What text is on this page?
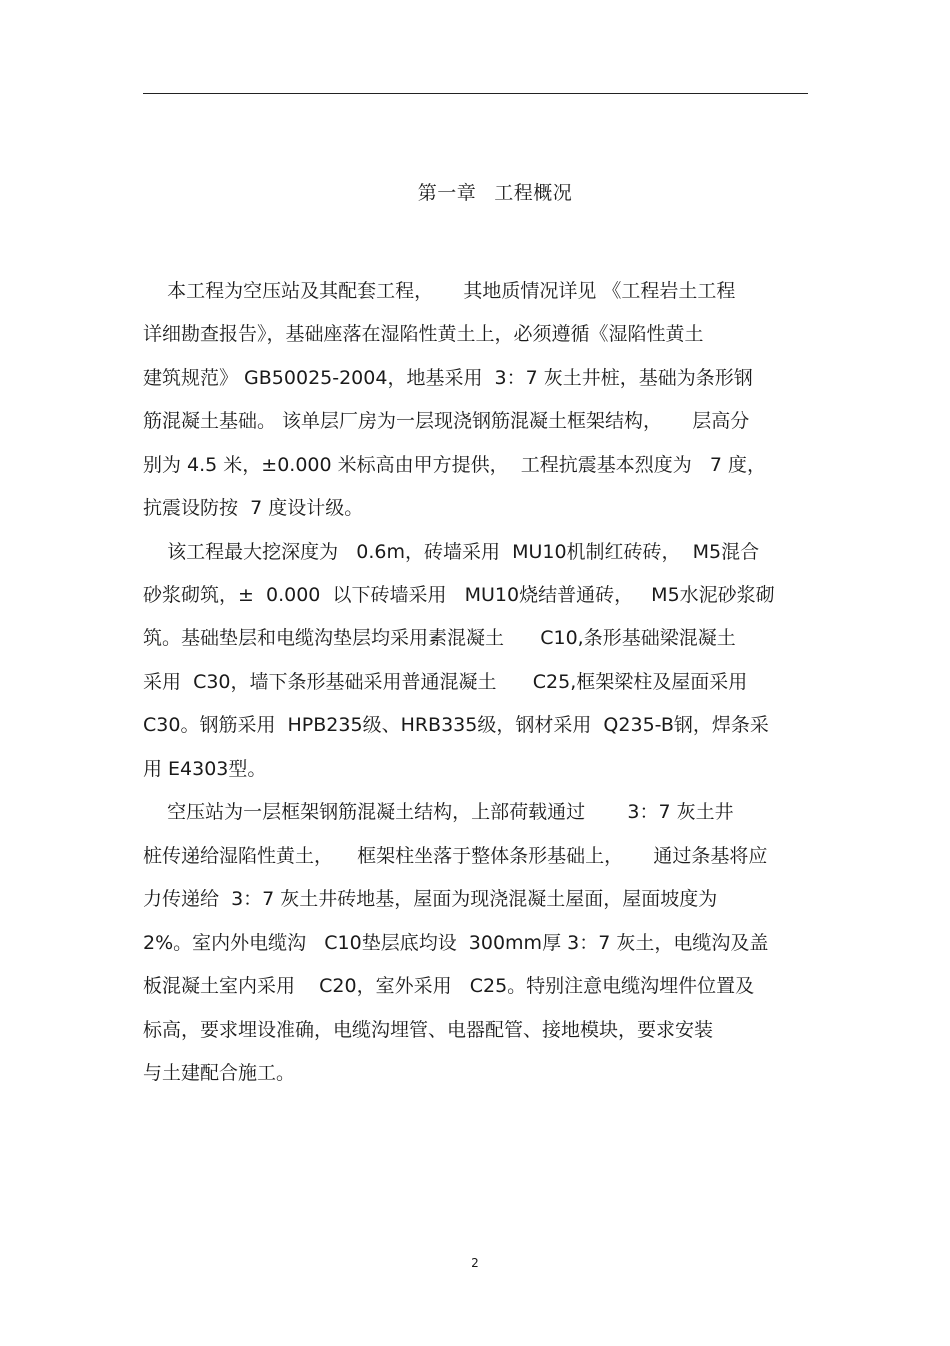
第一章 工程概况
本工程为空压站及其配套工程，     其地质情况详见 《工程岩土工程
详细勘查报告》，基础座落在湿陷性黄土上，必须遵循《湿陷性黄土
建筑规范》 GB50025-2004，地基采用  3：7 灰土井桩，基础为条形钢
筋混凝土基础。 该单层厂房为一层现浇钢筋混凝土框架结构，     层高分
别为 4.5 米，±0.000 米标高由甲方提供，  工程抗震基本烈度为   7 度，
抗震设防按  7 度设计级。
该工程最大挖深度为   0.6m，砖墙采用  MU10机制红砖砖，  M5混合
砂浆砌筑，±  0.000  以下砖墙采用   MU10烧结普通砖，   M5水泥砂浆砌
筑。基础垫层和电缆沟垫层均采用素混凝土      C10,条形基础梁混凝土
采用  C30，墙下条形基础采用普通混凝土      C25,框架梁柱及屋面采用
C30。钢筋采用  HPB235级、HRB335级，钢材采用  Q235-B钢，焊条采
用 E4303型。
空压站为一层框架钢筋混凝土结构，上部荷载通过       3：7 灰土井
桩传递给湿陷性黄土，    框架柱坐落于整体条形基础上，     通过条基将应
力传递给  3：7 灰土井砖地基，屋面为现浇混凝土屋面，屋面坡度为
2%。室内外电缆沟   C10垫层底均设  300mm厚 3：7 灰土，电缆沟及盖
板混凝土室内采用    C20，室外采用   C25。特别注意电缆沟埋件位置及
标高，要求埋设准确，电缆沟埋管、电器配管、接地模块，要求安装
与土建配合施工。
2
